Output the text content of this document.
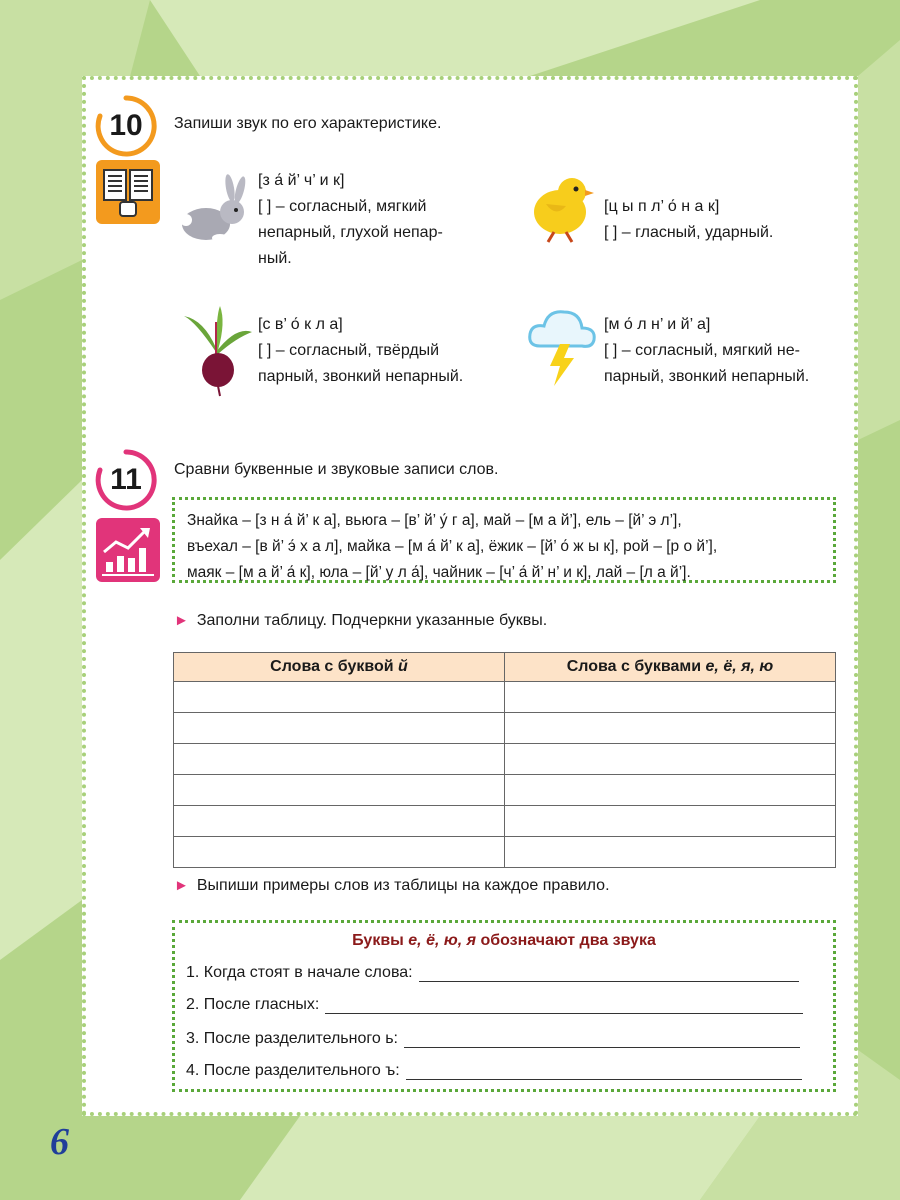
10 Запиши звук по его характеристике.
[з а́ й’ ч’ и к]
[ ] – согласный, мягкий
непарный, глухой непар-
ный.
[ц ы п л’ о́ н а к]
[ ] – гласный, ударный.
[с в’ о́ к л а]
[ ] – согласный, твёрдый
парный, звонкий непарный.
[м о́ л н’ и й’ а]
[ ] – согласный, мягкий не-
парный, звонкий непарный.
11 Сравни буквенные и звуковые записи слов.
Знайка – [з н а́ й’ к а], вьюга – [в’ й’ у́ г а], май – [м а й’], ель – [й’ э л’],
въехал – [в й’ э́ х а л], майка – [м а́ й’ к а], ёжик – [й’ о́ ж ы к], рой – [р о й’],
маяк – [м а й’ а́ к], юла – [й’ у л а́], чайник – [ч’ а́ й’ н’ и к], лай – [л а й’].
► Заполни таблицу. Подчеркни указанные буквы.
Слова с буквой й	Слова с буквами е, ё, я, ю

► Выпиши примеры слов из таблицы на каждое правило.
Буквы е, ё, ю, я обозначают два звука
1. Когда стоят в начале слова:
2. После гласных:
3. После разделительного ь:
4. После разделительного ъ:
6
